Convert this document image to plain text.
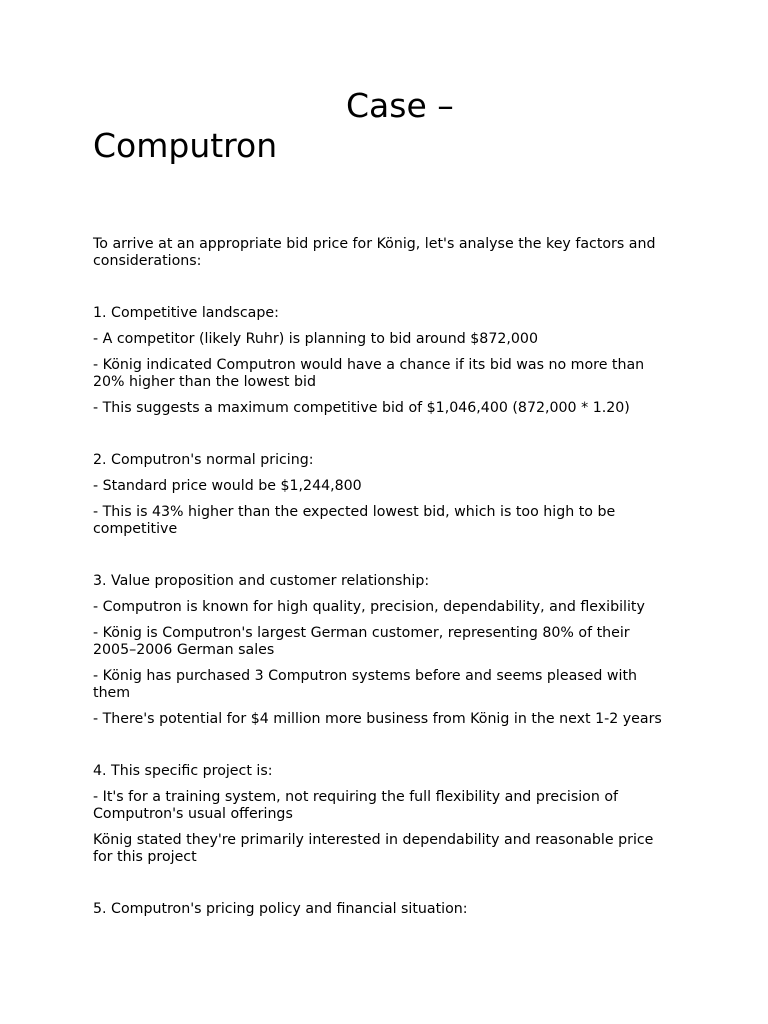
Case –
Computron

To arrive at an appropriate bid price for König, let's analyse the key factors and considerations:

1. Competitive landscape:

- A competitor (likely Ruhr) is planning to bid around $872,000

- König indicated Computron would have a chance if its bid was no more than 20% higher than the lowest bid

- This suggests a maximum competitive bid of $1,046,400 (872,000 * 1.20)

2. Computron's normal pricing:

- Standard price would be $1,244,800

- This is 43% higher than the expected lowest bid, which is too high to be competitive

3. Value proposition and customer relationship:

- Computron is known for high quality, precision, dependability, and flexibility

- König is Computron's largest German customer, representing 80% of their 2005–2006 German sales

- König has purchased 3 Computron systems before and seems pleased with them

- There's potential for $4 million more business from König in the next 1-2 years

4. This specific project is:

- It's for a training system, not requiring the full flexibility and precision of Computron's usual offerings

König stated they're primarily interested in dependability and reasonable price for this project

5. Computron's pricing policy and financial situation:
